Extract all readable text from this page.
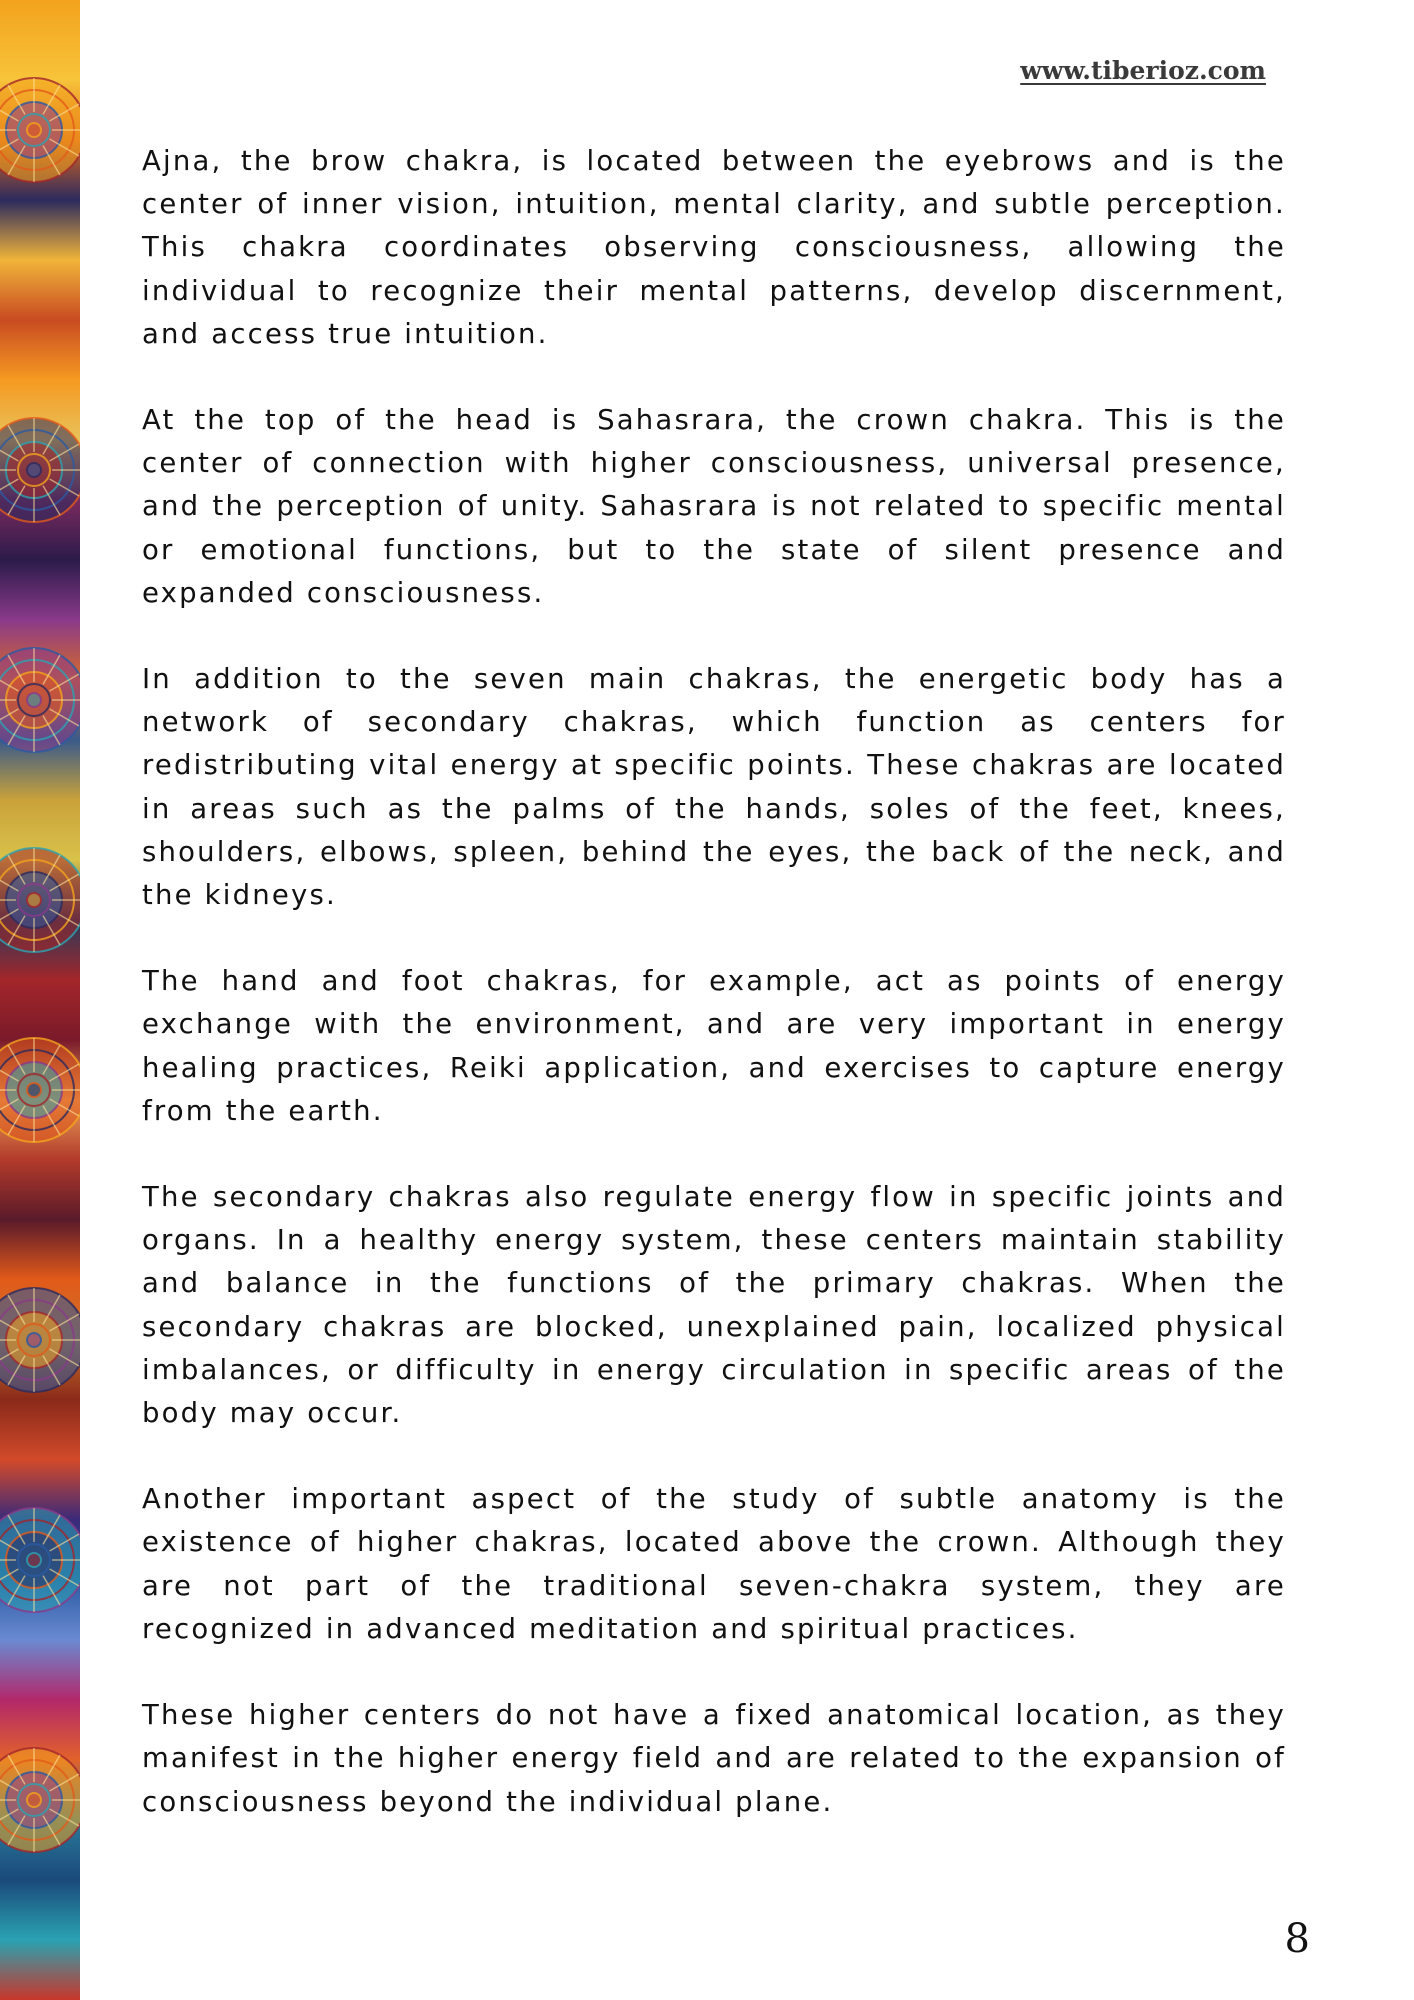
www.tiberioz.com

Ajna, the brow chakra, is located between the eyebrows and is the center of inner vision, intuition, mental clarity, and subtle perception. This chakra coordinates observing consciousness, allowing the individual to recognize their mental patterns, develop discernment, and access true intuition.

At the top of the head is Sahasrara, the crown chakra. This is the center of connection with higher consciousness, universal presence, and the perception of unity. Sahasrara is not related to specific mental or emotional functions, but to the state of silent presence and expanded consciousness.

In addition to the seven main chakras, the energetic body has a network of secondary chakras, which function as centers for redistributing vital energy at specific points. These chakras are located in areas such as the palms of the hands, soles of the feet, knees, shoulders, elbows, spleen, behind the eyes, the back of the neck, and the kidneys.

The hand and foot chakras, for example, act as points of energy exchange with the environment, and are very important in energy healing practices, Reiki application, and exercises to capture energy from the earth.

The secondary chakras also regulate energy flow in specific joints and organs. In a healthy energy system, these centers maintain stability and balance in the functions of the primary chakras. When the secondary chakras are blocked, unexplained pain, localized physical imbalances, or difficulty in energy circulation in specific areas of the body may occur.

Another important aspect of the study of subtle anatomy is the existence of higher chakras, located above the crown. Although they are not part of the traditional seven-chakra system, they are recognized in advanced meditation and spiritual practices.

These higher centers do not have a fixed anatomical location, as they manifest in the higher energy field and are related to the expansion of consciousness beyond the individual plane.

8
